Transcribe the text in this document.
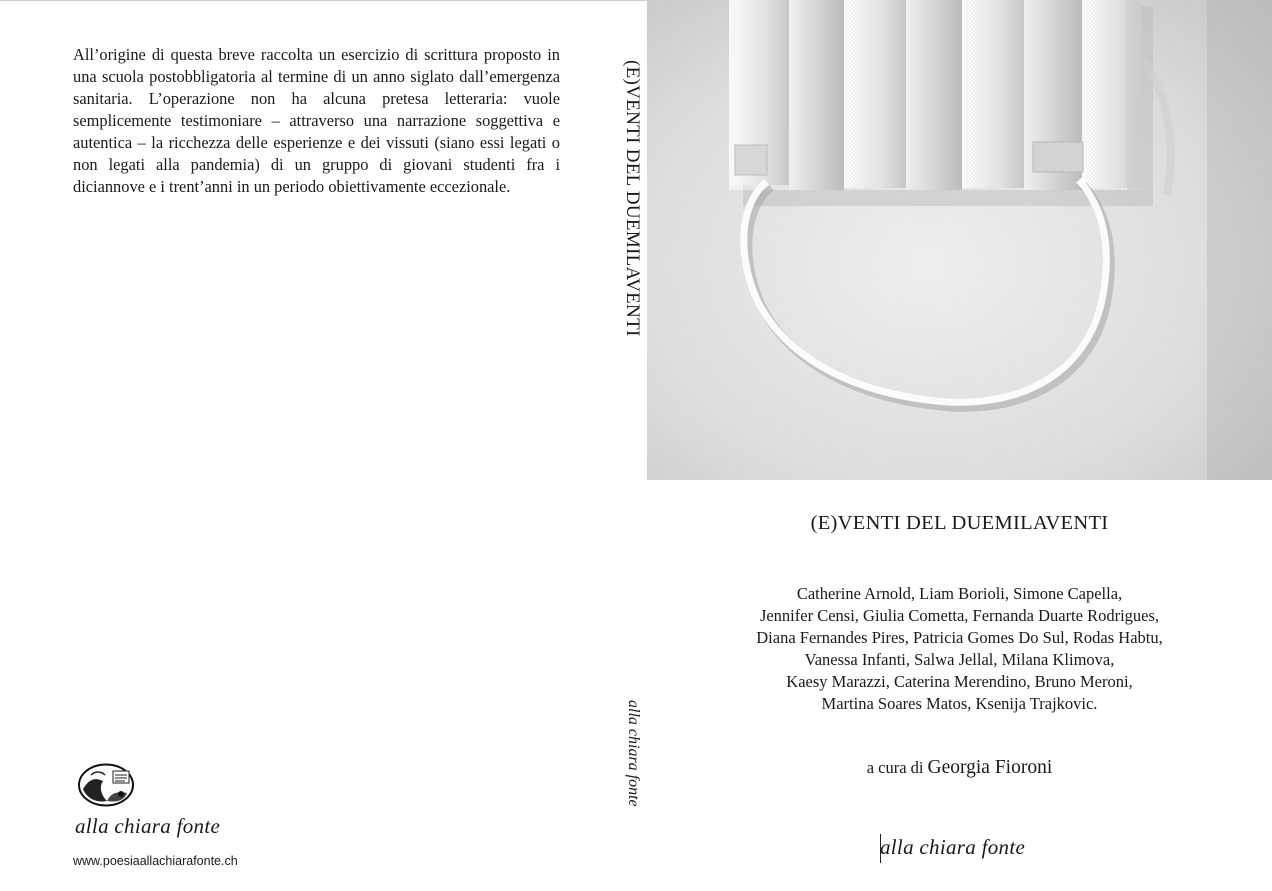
All’origine di questa breve raccolta un esercizio di scrittura proposto in una scuola postobbligatoria al termine di un anno siglato dall’emergenza sanitaria. L’operazione non ha alcuna pretesa letteraria: vuole semplicemente testimoniare – attraverso una narrazione soggettiva e autentica – la ricchezza delle esperienze e dei vissuti (siano essi legati o non legati alla pandemia) di un gruppo di giovani studenti fra i diciannove e i trent’anni in un periodo obiettivamente eccezionale.

alla chiara fonte
www.poesiaallachiarafonte.ch
(E)VENTI DEL DUEMILAVENTI
alla chiara fonte
(E)VENTI DEL DUEMILAVENTI
Catherine Arnold, Liam Borioli, Simone Capella,
Jennifer Censi, Giulia Cometta, Fernanda Duarte Rodrigues,
Diana Fernandes Pires, Patricia Gomes Do Sul, Rodas Habtu,
Vanessa Infanti, Salwa Jellal, Milana Klimova,
Kaesy Marazzi, Caterina Merendino, Bruno Meroni,
Martina Soares Matos, Ksenija Trajkovic.
a cura di Georgia Fioroni
alla chiara fonte
